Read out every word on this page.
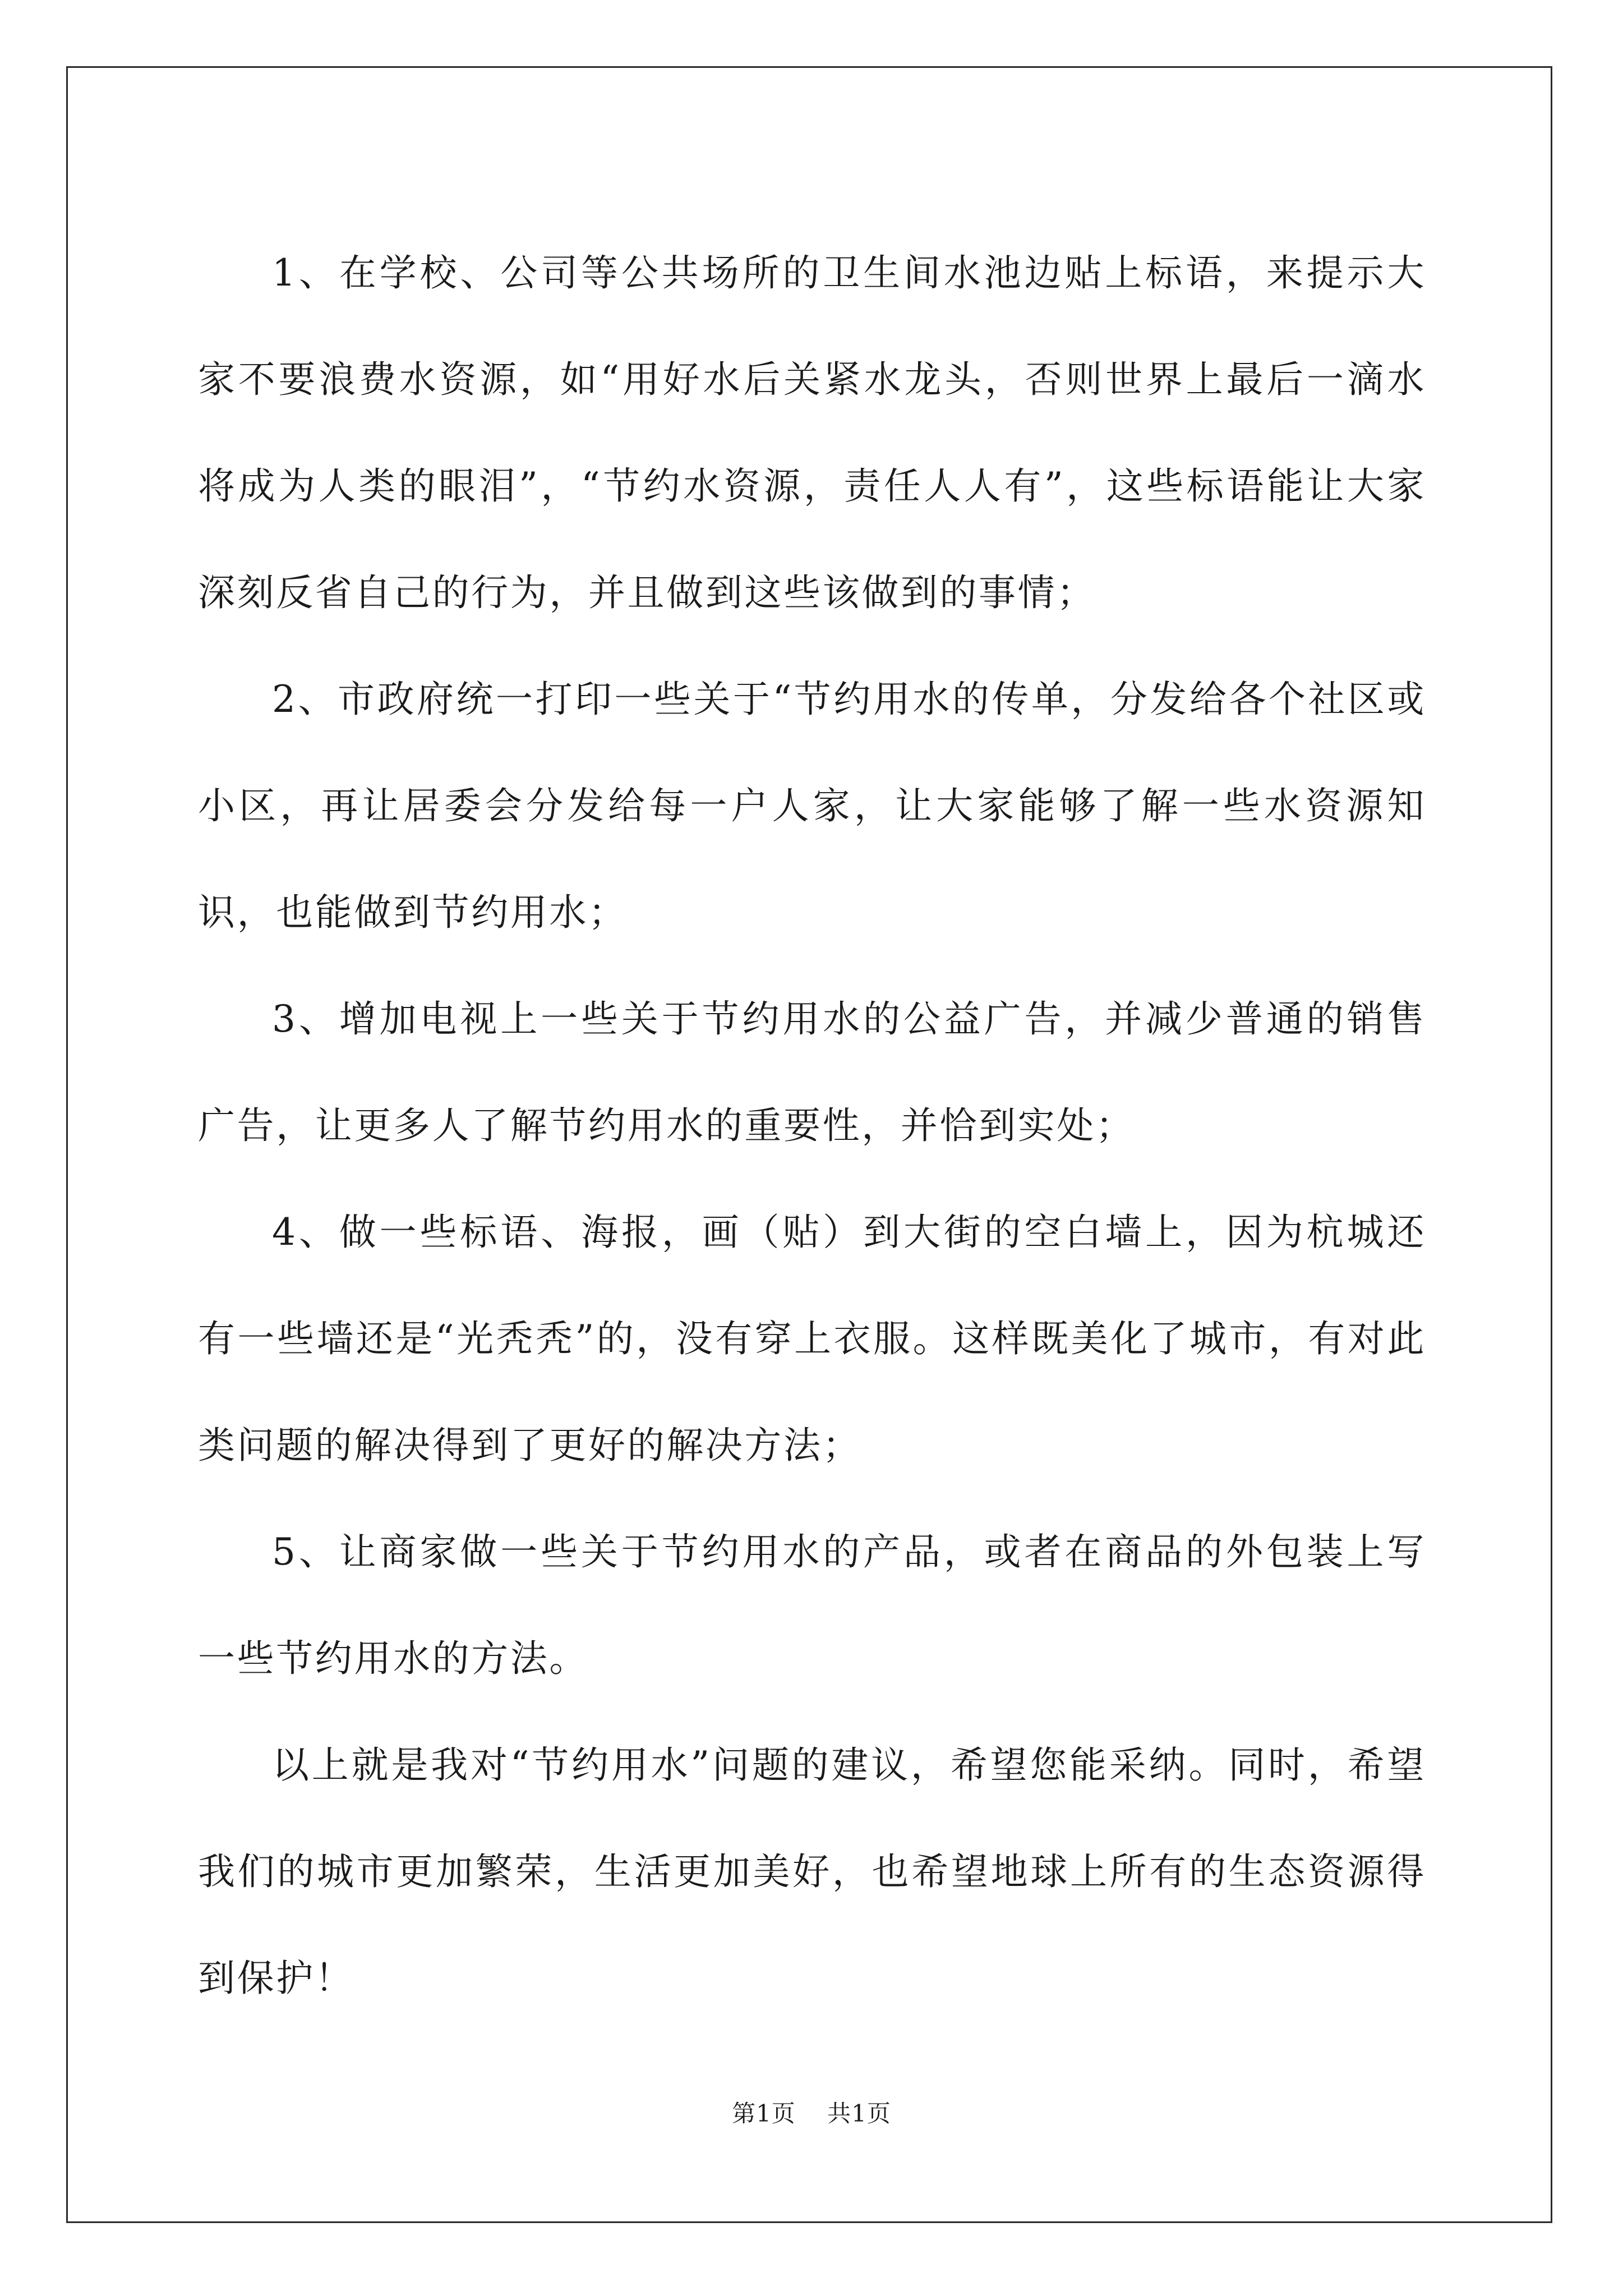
1、在学校、公司等公共场所的卫生间水池边贴上标语，来提示大家不要浪费水资源，如“用好水后关紧水龙头，否则世界上最后一滴水将成为人类的眼泪”，“节约水资源，责任人人有”，这些标语能让大家深刻反省自己的行为，并且做到这些该做到的事情；

2、市政府统一打印一些关于“节约用水的传单，分发给各个社区或小区，再让居委会分发给每一户人家，让大家能够了解一些水资源知识，也能做到节约用水；

3、增加电视上一些关于节约用水的公益广告，并减少普通的销售广告，让更多人了解节约用水的重要性，并恰到实处；

4、做一些标语、海报，画（贴）到大街的空白墙上，因为杭城还有一些墙还是“光秃秃”的，没有穿上衣服。这样既美化了城市，有对此类问题的解决得到了更好的解决方法；

5、让商家做一些关于节约用水的产品，或者在商品的外包装上写一些节约用水的方法。

以上就是我对“节约用水”问题的建议，希望您能采纳。同时，希望我们的城市更加繁荣，生活更加美好，也希望地球上所有的生态资源得到保护！

第1页 共1页
